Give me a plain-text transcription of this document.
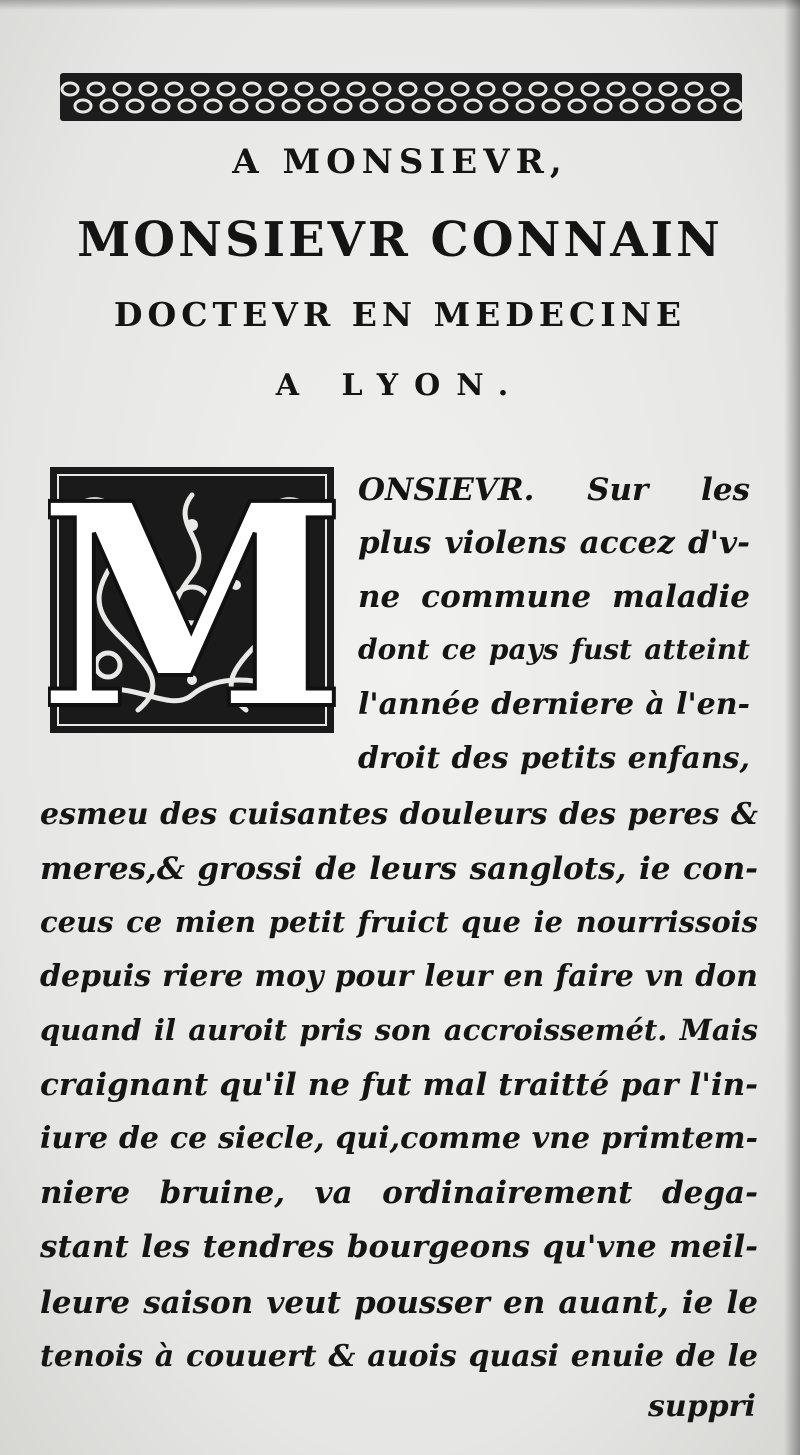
A MONSIEVR,
MONSIEVR CONNAIN
DOCTEVR EN MEDECINE
A LYON.
M ONSIEVR. Sur les
plus violens accez d'v-
ne commune maladie
dont ce pays fust atteint
l'année derniere à l'en-
droit des petits enfans,
esmeu des cuisantes douleurs des peres &
meres,& grossi de leurs sanglots, ie con-
ceus ce mien petit fruict que ie nourrissois
depuis riere moy pour leur en faire vn don
quand il auroit pris son accroissemét. Mais
craignant qu'il ne fut mal traitté par l'in-
iure de ce siecle, qui,comme vne primtem-
niere bruine, va ordinairement dega-
stant les tendres bourgeons qu'vne meil-
leure saison veut pousser en auant, ie le
tenois à couuert & auois quasi enuie de le
suppri
